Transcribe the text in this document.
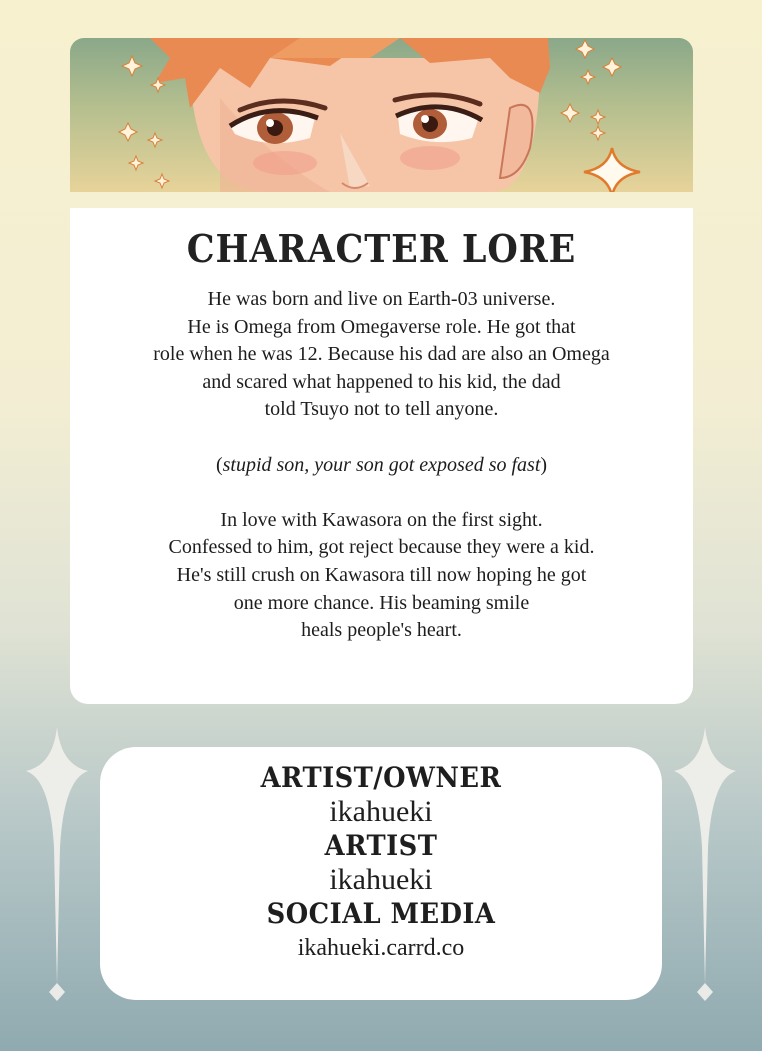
CHARACTER LORE

He was born and live on Earth-03 universe.

He is Omega from Omegaverse role. He got that

role when he was 12. Because his dad are also an Omega

and scared what happened to his kid, the dad

told Tsuyo not to tell anyone.

(stupid son, your son got exposed so fast)

In love with Kawasora on the first sight.

Confessed to him, got reject because they were a kid.

He's still crush on Kawasora till now hoping he got

one more chance. His beaming smile

heals people's heart.

ARTIST/OWNER
ikahueki
ARTIST
ikahueki
SOCIAL MEDIA
ikahueki.carrd.co
